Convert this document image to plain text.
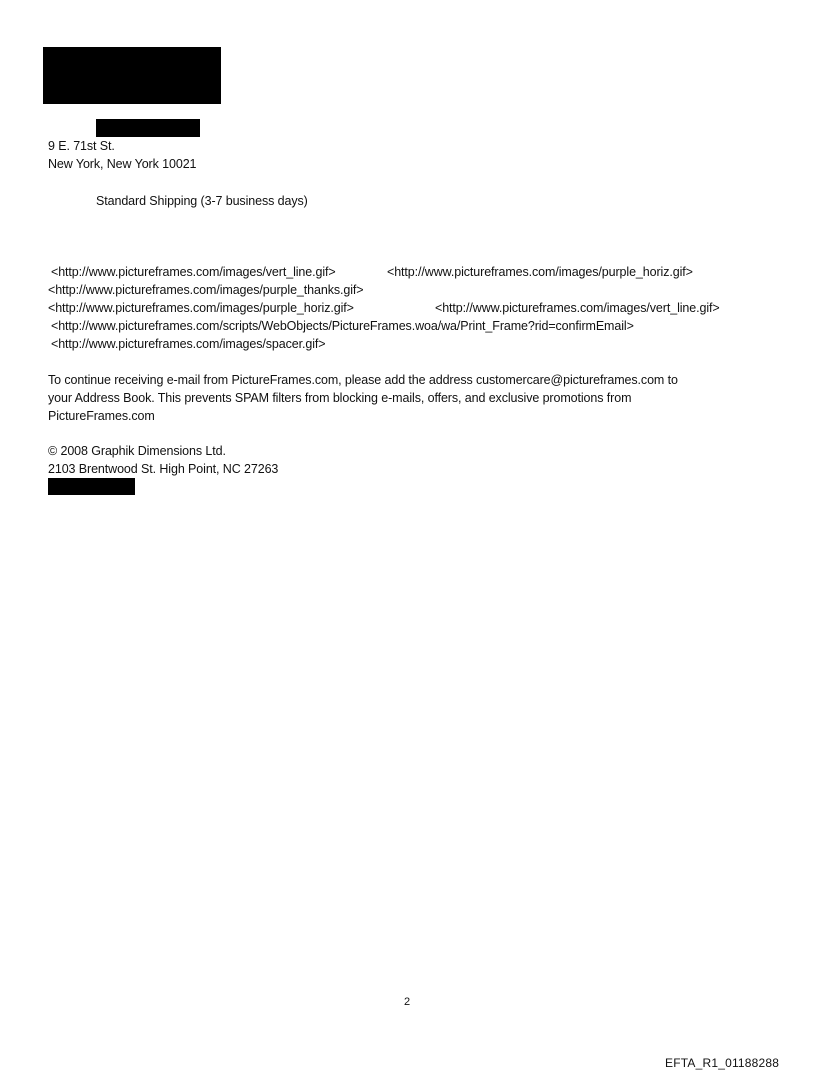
9 E. 71st St.
New York, New York 10021
Standard Shipping (3-7 business days)
<http://www.pictureframes.com/images/vert_line.gif>	<http://www.pictureframes.com/images/purple_horiz.gif>
<http://www.pictureframes.com/images/purple_thanks.gif>
<http://www.pictureframes.com/images/purple_horiz.gif>	<http://www.pictureframes.com/images/vert_line.gif>
<http://www.pictureframes.com/scripts/WebObjects/PictureFrames.woa/wa/Print_Frame?rid=confirmEmail>
<http://www.pictureframes.com/images/spacer.gif>
To continue receiving e-mail from PictureFrames.com, please add the address customercare@pictureframes.com to
your Address Book. This prevents SPAM filters from blocking e-mails, offers, and exclusive promotions from
PictureFrames.com
© 2008 Graphik Dimensions Ltd.
2103 Brentwood St. High Point, NC 27263
2
EFTA_R1_01188288
